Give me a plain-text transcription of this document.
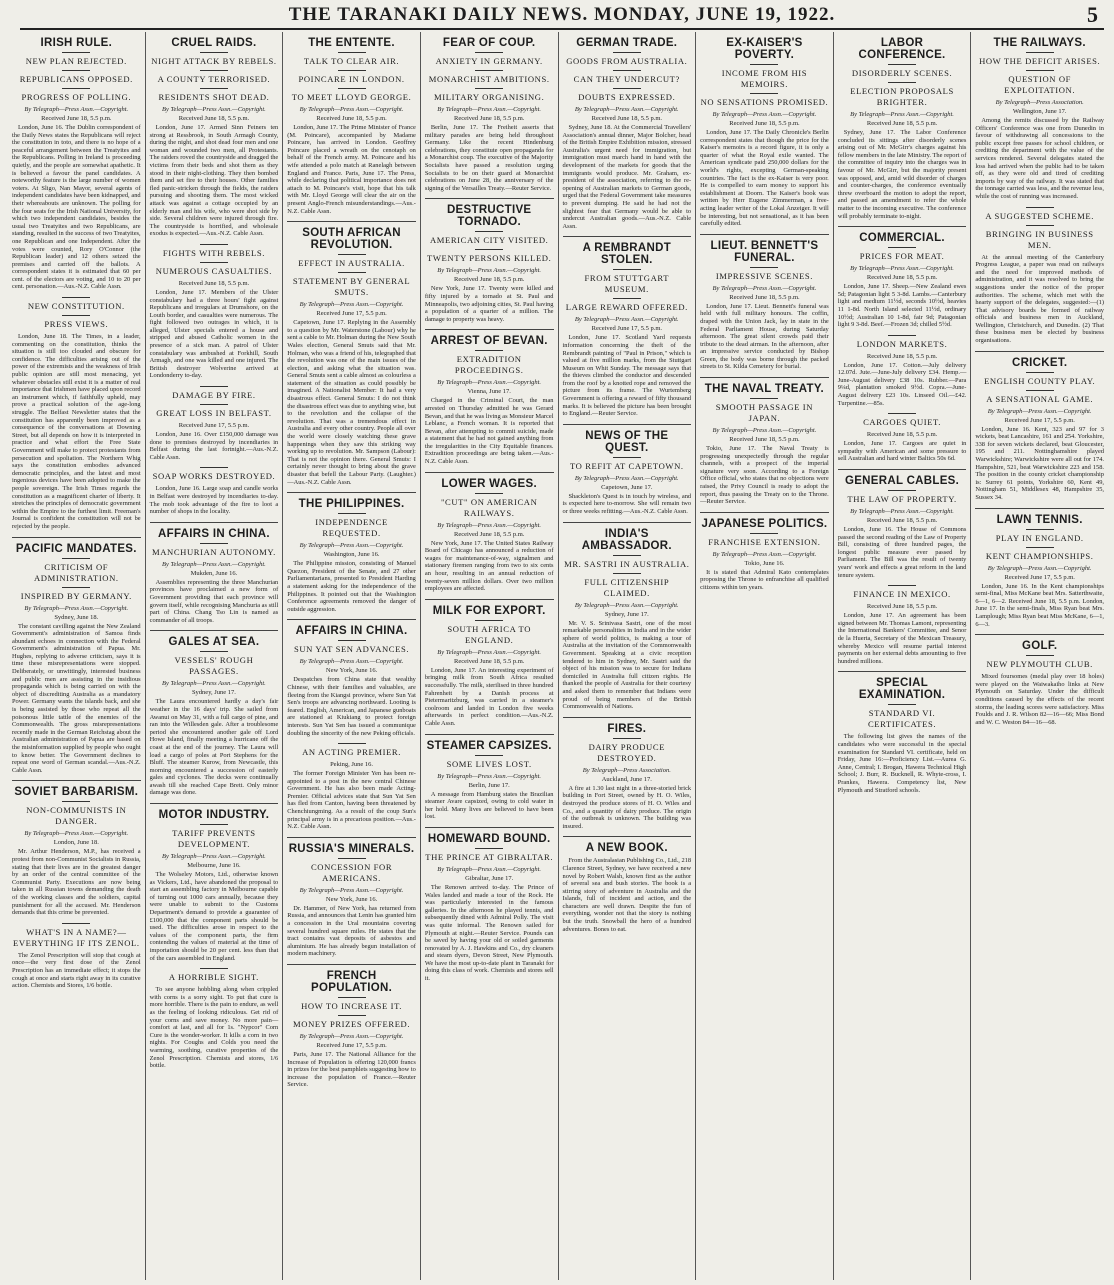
THE TARANAKI DAILY NEWS. MONDAY, JUNE 19, 1922.	5
IRISH RULE.
NEW PLAN REJECTED.
REPUBLICANS OPPOSED.
PROGRESS OF POLLING.
By Telegraph—Press Assn.—Copyright.
Received June 18, 5.5 p.m.

London, June 16. The Dublin correspondent of the Daily News states the Republicans will reject the constitution in toto, and there is no hope of a peaceful arrangement between the Treatyites and the Republicans. Polling in Ireland is proceeding quietly, and the people are somewhat apathetic. It is believed a favour the panel candidates. A noteworthy feature is the large number of women voters. At Sligo, Nan Mayor, several agents of independent candidates have been kidnapped, and their whereabouts are unknown. The polling for the four seats for the Irish National University, for which two independent candidates, besides the usual two Treatyites and two Republicans, are standing, resulted in the success of two Treatyites, one Republican and one Independent. After the votes were counted, Rory O'Connor (the Republican leader) and 12 others seized the premises and carried off the ballots. A correspondent states it is estimated that 60 per cent. of the electors are voting, and 10 to 20 per cent. personation.—Aus.-N.Z. Cable Assn.

NEW CONSTITUTION.
PRESS VIEWS.

London, June 18. The Times, in a leader, commenting on the constitution, thinks the situation is still too clouded and obscure for confidence. The difficulties arising out of the power of the extremists and the weakness of Irish public opinion are still most menacing, yet whatever obstacles still exist it is a matter of real importance that Irishmen have placed upon record an instrument which, if faithfully upheld, may prove a practical solution of the age-long struggle. The Belfast Newsletter states that the constitution has apparently been improved as a consequence of the conversations at Downing Street, but all depends on how it is interpreted in practice and what effort the Free State Government will make to protect protestants from persecution and spoliation. The Northern Whig says the constitution embodies advanced democratic principles, and the latest and most ingenious devices have been adopted to make the people sovereign. The Irish Times regards the constitution as a magnificent charter of liberty. It stretches the principles of democratic government within the Empire to the furthest limit. Freeman's Journal is confident the constitution will not be rejected by the people.

PACIFIC MANDATES.
CRITICISM OF ADMINISTRATION.
INSPIRED BY GERMANY.
By Telegraph—Press Assn.—Copyright.
Sydney, June 18.

The constant cavilling against the New Zealand Government's administration of Samoa finds abundant echoes in connection with the Federal Government's administration of Papua. Mr. Hughes, replying to adverse criticism, says it is time these misrepresentations were stopped. Deliberately, or unwittingly, interested business and public men are assisting in the insidious propaganda which is being carried on with the object of discrediting Australia as a mandatory Power. Germany wants the islands back, and she is being assisted by those who repeat all the poisonous little tattle of the enemies of the Commonwealth. The gross misrepresentations recently made in the German Reichstag about the Australian administration of Papua are based on the misinformation supplied by people who ought to know better. The Government declines to repeat one word of German scandal.—Aus.-N.Z. Cable Assn.

SOVIET BARBARISM.
NON-COMMUNISTS IN DANGER.
By Telegraph—Press Assn.—Copyright.
London, June 18.

Mr. Arthur Henderson, M.P., has received a protest from non-Communist Socialists in Russia, stating that their lives are in the greatest danger by an order of the central committee of the Communist Party. Executions are now being taken in all Russian towns demanding the death of the working classes and the soldiers, capital punishment for all the accused. Mr. Henderson demands that this crime be prevented.

WHAT'S IN A NAME?—EVERYTHING IF ITS ZENOL.

The Zenol Prescription will stop that cough at once—the very first dose of the Zenol Prescription has an immediate effect; it stops the cough at once and starts right away in its curative action. Chemists and Stores, 1/6 bottle.

CRUEL RAIDS.
NIGHT ATTACK BY REBELS.
A COUNTY TERRORISED.
RESIDENTS SHOT DEAD.
By Telegraph—Press Assn.—Copyright.
Received June 18, 5.5 p.m.

London, June 17. Armed Sinn Feiners ten strong at Ressbrook, in South Armagh County, during the night, and shot dead four men and one woman and wounded two men, all Protestants. The raiders roved the countryside and dragged the victims from their beds and shot them as they stood in their night-clothing. They then bombed them and set fire to their houses. Other families fled panic-stricken through the fields, the raiders pursuing and shooting them. The most wicked attack was against a cottage occupied by an elderly man and his wife, who were shot side by side. Several children were injured through fire. The countryside is horrified, and wholesale exodus is expected.—Aus.-N.Z. Cable Assn.

FIGHTS WITH REBELS.
NUMEROUS CASUALTIES.
Received June 18, 5.5 p.m.

London, June 17. Members of the Ulster constabulary had a three hours' fight against Republicans and irregulars at Drumshore, on the Louth border, and casualties were numerous. The fight followed two outrages in which, it is alleged, Ulster specials entered a house and stripped and abused Catholic women in the presence of a sick man. A patrol of Ulster constabulary was ambushed at Forkhill, South Armagh, and one was killed and one injured. The British destroyer Wolverine arrived at Londonderry to-day.

DAMAGE BY FIRE.
GREAT LOSS IN BELFAST.
Received June 17, 5.5 p.m.

London, June 16. Over £150,000 damage was done to premises destroyed by incendiaries in Belfast during the last fortnight.—Aus.-N.Z. Cable Assn.

SOAP WORKS DESTROYED.

London, June 16. Large soap and candle works in Belfast were destroyed by incendiaries to-day. The mob took advantage of the fire to loot a number of shops in the locality.

AFFAIRS IN CHINA.
MANCHURIAN AUTONOMY.
By Telegraph—Press Assn.—Copyright.
Mukden, June 16.

Assemblies representing the three Manchurian provinces have proclaimed a new form of Government providing that each province will govern itself, while recognising Manchuria as still part of China. Chang Tso Lin is named as commander of all troops.

GALES AT SEA.
VESSELS' ROUGH PASSAGES.
By Telegraph—Press Assn.—Copyright.
Sydney, June 17.

The Laura encountered hardly a day's fair weather in the 16 days' trip. She sailed from Awanui on May 31, with a full cargo of pine, and ran into the Willesden gale. After a troublesome period she encountered another gale off Lord Howe Island, finally meeting a hurricane off the coast at the end of the journey. The Laura will load a cargo of poles at Port Stephens for the Bluff. The steamer Kurow, from Newcastle, this morning encountered a succession of easterly gales and cyclones. The decks were continually awash till she reached Cape Brett. Only minor damage was done.

MOTOR INDUSTRY.
TARIFF PREVENTS DEVELOPMENT.
By Telegraph—Press Assn.—Copyright.
Melbourne, June 16.

The Wolseley Motors, Ltd., otherwise known as Vickers, Ltd., have abandoned the proposal to start an assembling factory in Melbourne capable of turning out 1000 cars annually, because they were unable to submit to the Customs Department's demand to provide a guarantee of £100,000 that the component parts should be used. The difficulties arose in respect to the values of the component parts, the firm contending the values of material at the time of importation should be 20 per cent. less than that of the cars assembled in England.

A HORRIBLE SIGHT.

To see anyone hobbling along when crippled with corns is a sorry sight. To put that cure is more horrible. There is the pain to endure, as well as the feeling of looking ridiculous. Get rid of your corns and save money. No more pain—comfort at last, and all for 1s. "Nypcor" Corn Cure is the wonder-worker. It kills a corn in two nights. For Coughs and Colds you need the warming, soothing, curative properties of the Zenol Prescription. Chemists and stores, 1/6 bottle.

THE ENTENTE.
TALK TO CLEAR AIR.
POINCARE IN LONDON.
TO MEET LLOYD GEORGE.
By Telegraph—Press Assn.—Copyright.
Received June 18, 5.5 p.m.

London, June 17. The Prime Minister of France (M. Poincare), accompanied by Madame Poincare, has arrived in London. Geoffrey Poincare placed a wreath on the cenotaph on behalf of the French army. M. Poincare and his wife attended a polo match at Ranelagh between England and France. Paris, June 17. The Press, while declaring that political importance does not attach to M. Poincare's visit, hope that his talk with Mr. Lloyd George will clear the air on the present Anglo-French misunderstandings.—Aus.-N.Z. Cable Assn.

SOUTH AFRICAN REVOLUTION.
EFFECT IN AUSTRALIA.
STATEMENT BY GENERAL SMUTS.
By Telegraph—Press Assn.—Copyright.
Received June 17, 5.5 p.m.

Capetown, June 17. Replying in the Assembly to a question by Mr. Waterstone (Labour) why he sent a cable to Mr. Holman during the New South Wales election, General Smuts said that Mr. Holman, who was a friend of his, telegraphed that the revolution was one of the main issues of the election, and asking what the situation was. General Smuts sent a cable almost as colourless a statement of the situation as could possibly be imagined. A Nationalist Member: It had a very disastrous effect. General Smuts: I do not think the disastrous effect was due to anything wise, but to the revolution and the collapse of the revolution. That was a tremendous effect in Australia and every other country. People all over the world were closely watching these grave happenings when they saw this striking way working up to revolution. Mr. Sampson (Labour): That is not the opinion there. General Smuts: I certainly never thought to bring about the grave disaster that befell the Labour Party. (Laughter.)—Aus.-N.Z. Cable Assn.

THE PHILIPPINES.
INDEPENDENCE REQUESTED.
By Telegraph—Press Assn.—Copyright.
Washington, June 16.

The Philippine mission, consisting of Manuel Quezon, President of the Senate, and 27 other Parliamentarians, presented to President Harding a statement asking for the independence of the Philippines. It pointed out that the Washington Conference agreements removed the danger of outside aggression.

AFFAIRS IN CHINA.
SUN YAT SEN ADVANCES.
By Telegraph—Press Assn.—Copyright.
New York, June 16.

Despatches from China state that wealthy Chinese, with their families and valuables, are fleeing from the Kiangsi province, where Sun Yat Sen's troops are advancing northward. Looting is feared. English, American, and Japanese gunboats are stationed at Kiukiang to protect foreign interests. Sun Yat Sen has issued a communique doubling the sincerity of the new Peking officials.

AN ACTING PREMIER.
Peking, June 16.

The former Foreign Minister Yen has been re-appointed to a post in the new central Chinese Government. He has also been made Acting-Premier. Official advices state that Sun Yat Sen has fled from Canton, having been threatened by Chenchiungming. As a result of the coup Sun's principal army is in a precarious position.—Aus.-N.Z. Cable Assn.

RUSSIA'S MINERALS.
CONCESSION FOR AMERICANS.
By Telegraph—Press Assn.—Copyright.
New York, June 16.

Dr. Hammer, of New York, has returned from Russia, and announces that Lenin has granted him a concession in the Ural mountains covering several hundred square miles. He states that the tract contains vast deposits of asbestos and aluminium. He has already begun installation of modern machinery.

FRENCH POPULATION.
HOW TO INCREASE IT.
MONEY PRIZES OFFERED.
By Telegraph—Press Assn.—Copyright.
Received June 17, 5.5 p.m.

Paris, June 17. The National Alliance for the Increase of Population is offering 120,000 francs in prizes for the best pamphlets suggesting how to increase the population of France.—Reuter Service.

FEAR OF COUP.
ANXIETY IN GERMANY.
MONARCHIST AMBITIONS.
MILITARY ORGANISING.
By Telegraph—Press Assn.—Copyright.
Received June 18, 5.5 p.m.

Berlin, June 17. The Freiheit asserts that military parades are being held throughout Germany. Like the recent Hindenburg celebrations, they constitute open propaganda for a Monarchist coup. The executive of the Majority Socialists have passed a resolution urging Socialists to be on their guard at Monarchist celebrations on June 28, the anniversary of the signing of the Versailles Treaty.—Reuter Service.

DESTRUCTIVE TORNADO.
AMERICAN CITY VISITED.
TWENTY PERSONS KILLED.
By Telegraph—Press Assn.—Copyright.
Received June 18, 5.5 p.m.

New York, June 17. Twenty were killed and fifty injured by a tornado at St. Paul and Minneapolis, two adjoining cities, St. Paul having a population of a quarter of a million. The damage to property was heavy.

ARREST OF BEVAN.
EXTRADITION PROCEEDINGS.
By Telegraph—Press Assn.—Copyright.
Vienna, June 17.

Charged in the Criminal Court, the man arrested on Thursday admitted he was Gerard Bevan, and that he was living as Monsieur Marcel Leblanc, a French woman. It is reported that Bevan, after attempting to commit suicide, made a statement that he had not gained anything from the irregularities in the City Equitable finances. Extradition proceedings are being taken.—Aus.-N.Z. Cable Assn.

LOWER WAGES.
"CUT" ON AMERICAN RAILWAYS.
By Telegraph—Press Assn.—Copyright.
Received June 18, 5.5 p.m.

New York, June 17. The United States Railway Board of Chicago has announced a reduction of wages for maintenance-of-way, signalmen and stationary firemen ranging from two to six cents an hour, resulting in an annual reduction of twenty-seven million dollars. Over two million employees are affected.

MILK FOR EXPORT.
SOUTH AFRICA TO ENGLAND.
By Telegraph—Press Assn.—Copyright.
Received June 18, 5.5 p.m.

London, June 17. An interesting experiment of bringing milk from South Africa resulted successfully. The milk, sterilised in three hundred Fahrenheit by a Danish process at Pietermaritzburg, was carried in a steamer's coolroom and landed in London five weeks afterwards in perfect condition.—Aus.-N.Z. Cable Assn.

STEAMER CAPSIZES.
SOME LIVES LOST.
By Telegraph—Press Assn.—Copyright.
Berlin, June 17.

A message from Hamburg states the Brazilian steamer Avare capsized, owing to cold water in her hold. Many lives are believed to have been lost.

HOMEWARD BOUND.
THE PRINCE AT GIBRALTAR.
By Telegraph—Press Assn.—Copyright.
Gibraltar, June 17.

The Renown arrived to-day. The Prince of Wales landed and made a tour of the Rock. He was particularly interested in the famous galleries. In the afternoon he played tennis, and subsequently dined with Admiral Polly. The visit was quite informal. The Renown sailed for Plymouth at night.—Reuter Service. Pounds can be saved by having your old or soiled garments renovated by A. J. Hawkins and Co., dry cleaners and steam dyers, Devon Street, New Plymouth. We have the most up-to-date plant in Taranaki for doing this class of work. Chemists and stores sell it.

GERMAN TRADE.
GOODS FROM AUSTRALIA.
CAN THEY UNDERCUT?
DOUBTS EXPRESSED.
By Telegraph—Press Assn.—Copyright.
Received June 18, 5.5 p.m.

Sydney, June 18. At the Commercial Travellers' Association's annual dinner, Major Bolcher, head of the British Empire Exhibition mission, stressed Australia's urgent need for immigration, but immigration must march hand in hand with the development of the markets for goods that the immigrants would produce. Mr. Graham, ex-president of the association, referring to the re-opening of Australian markets to German goods, urged that the Federal Government take measures to prevent dumping. He said he had not the slightest fear that Germany would be able to undercut Australian goods.—Aus.-N.Z. Cable Assn.

A REMBRANDT STOLEN.
FROM STUTTGART MUSEUM.
LARGE REWARD OFFERED.
By Telegraph—Press Assn.—Copyright.
Received June 17, 5.5 p.m.

London, June 17. Scotland Yard requests information concerning the theft of the Rembrandt painting of "Paul in Prison," which is valued at five million marks, from the Stuttgart Museum on Whit Sunday. The message says that the thieves climbed the conductor and descended from the roof by a knotted rope and removed the picture from its frame. The Wurtemberg Government is offering a reward of fifty thousand marks. It is believed the picture has been brought to England.—Reuter Service.

NEWS OF THE QUEST.
TO REFIT AT CAPETOWN.
By Telegraph—Press Assn.—Copyright.
Capetown, June 17.

Shackleton's Quest is in touch by wireless, and is expected here to-morrow. She will remain two or three weeks refitting.—Aus.-N.Z. Cable Assn.

INDIA'S AMBASSADOR.
MR. SASTRI IN AUSTRALIA.
FULL CITIZENSHIP CLAIMED.
By Telegraph—Press Assn.—Copyright.
Sydney, June 17.

Mr. V. S. Srinivasa Sastri, one of the most remarkable personalities in India and in the wider sphere of world politics, is making a tour of Australia at the invitation of the Commonwealth Government. Speaking at a civic reception tendered to him in Sydney, Mr. Sastri said the object of his mission was to secure for Indians domiciled in Australia full citizen rights. He thanked the people of Australia for their courtesy and asked them to remember that Indians were proud of being members of the British Commonwealth of Nations.

FIRES.
DAIRY PRODUCE DESTROYED.
By Telegraph—Press Association.
Auckland, June 17.

A fire at 1.30 last night in a three-storied brick building in Fort Street, owned by H. O. Wiles, destroyed the produce stores of H. O. Wiles and Co., and a quantity of dairy produce. The origin of the outbreak is unknown. The building was insured.

A NEW BOOK.

From the Australasian Publishing Co., Ltd., 218 Clarence Street, Sydney, we have received a new novel by Robert Walsh, known first as the author of several sea and bush stories. The book is a stirring story of adventure in Australia and the Islands, full of incident and action, and the characters are well drawn. Despite the fun of everything, wonder not that the story is nothing but the truth. Snowball the hero of a hundred adventures. Bones to eat.

EX-KAISER'S POVERTY.
INCOME FROM HIS MEMOIRS.
NO SENSATIONS PROMISED.
By Telegraph—Press Assn.—Copyright.
Received June 18, 5.5 p.m.

London, June 17. The Daily Chronicle's Berlin correspondent states that though the price for the Kaiser's memoirs is a record figure, it is only a quarter of what the Royal exile wanted. The American syndicate paid 250,000 dollars for the world's rights, excepting German-speaking countries. The fact is the ex-Kaiser is very poor. He is compelled to earn money to support his establishment at Doorn. The Kaiser's book was written by Herr Eugene Zimmerman, a free-acting leader writer of the Lokal Anzeiger. It will be interesting, but not sensational, as it has been carefully edited.

LIEUT. BENNETT'S FUNERAL.
IMPRESSIVE SCENES.
By Telegraph—Press Assn.—Copyright.
Received June 18, 5.5 p.m.

London, June 17. Lieut. Bennett's funeral was held with full military honours. The coffin, draped with the Union Jack, lay in state in the Federal Parliament House, during Saturday afternoon. The great silent crowds paid their tribute to the dead airman. In the afternoon, after an impressive service conducted by Bishop Green, the body was borne through the packed streets to St. Kilda Cemetery for burial.

THE NAVAL TREATY.
SMOOTH PASSAGE IN JAPAN.
By Telegraph—Press Assn.—Copyright.
Received June 18, 5.5 p.m.

Tokio, June 17. The Naval Treaty is progressing unexpectedly through the regular channels, with a prospect of the imperial signature very soon. According to a Foreign Office official, who states that no objections were raised, the Privy Council is ready to adopt the report, thus passing the Treaty on to the Throne.—Reuter Service.

JAPANESE POLITICS.
FRANCHISE EXTENSION.
By Telegraph—Press Assn.—Copyright.
Tokio, June 16.

It is stated that Admiral Kato contemplates proposing the Throne to enfranchise all qualified citizens within ten years.

LABOR CONFERENCE.
DISORDERLY SCENES.
ELECTION PROPOSALS BRIGHTER.
By Telegraph—Press Assn.—Copyright.
Received June 18, 5.5 p.m.

Sydney, June 17. The Labor Conference concluded its sittings after disorderly scenes arising out of Mr. McGirr's charges against his fellow members in the late Ministry. The report of the committee of inquiry into the charges was in favour of Mr. McGirr, but the majority present was opposed, and, amid wild disorder of charges and counter-charges, the conference eventually threw overboard the motion to adopt the report, and passed an amendment to refer the whole matter to the incoming executive. The conference will probably terminate to-night.

COMMERCIAL.
PRICES FOR MEAT.
By Telegraph—Press Assn.—Copyright.
Received June 18, 5.5 p.m.

London, June 17. Sheep.—New Zealand ewes 5d; Patagonian light 5 3-8d. Lambs.—Canterbury light and medium 11½d, seconds 10½d, heavies 11 1-8d. North Island selected 11½d, ordinary 10½d; Australian 10 1-8d, fair 9d; Patagonian light 9 3-8d. Beef.—Frozen 3d; chilled 5½d.

LONDON MARKETS.
Received June 18, 5.5 p.m.

London, June 17. Cotton.—July delivery 12.07d. Jute.—June-July delivery £34. Hemp.—June-August delivery £38 10s. Rubber.—Para 9¼d, plantation smoked 9½d. Copra.—June-August delivery £23 10s. Linseed Oil.—£42. Turpentine.—85s.

CARGOES QUIET.
Received June 18, 5.5 p.m.

London, June 17. Cargoes are quiet in sympathy with American and some pressure to sell Australian and hard winter Baltics 50s 6d.

GENERAL CABLES.
THE LAW OF PROPERTY.
By Telegraph—Press Assn.—Copyright.
Received June 18, 5.5 p.m.

London, June 16. The House of Commons passed the second reading of the Law of Property Bill, consisting of three hundred pages, the longest public measure ever passed by Parliament. The Bill was the result of twenty years' work and effects a great reform in the land tenure system.

FINANCE IN MEXICO.
Received June 18, 5.5 p.m.

London, June 17. An agreement has been signed between Mr. Thomas Lamont, representing the International Bankers' Committee, and Senor de la Huerta, Secretary of the Mexican Treasury, whereby Mexico will resume partial interest payments on her external debts amounting to five hundred millions.

SPECIAL EXAMINATION.
STANDARD VI. CERTIFICATES.

The following list gives the names of the candidates who were successful in the special examination for Standard VI. certificate, held on Friday, June 16:—Proficiency List.—Aurea G. Anne, Central; I. Brogan, Hawera Technical High School; J. Burr, R. Bucknell, R. Whyte-cross, I. Prankes, Hawera. Competency list, New Plymouth and Stratford schools.

THE RAILWAYS.
HOW THE DEFICIT ARISES.
QUESTION OF EXPLOITATION.
By Telegraph—Press Association.
Wellington, June 17.

Among the remits discussed by the Railway Officers' Conference was one from Dunedin in favour of withdrawing all concessions to the public except free passes for school children, or crediting the department with the value of the services rendered. Several delegates stated the loss had arrived when the public had to be taken off, as they were old and tired of crediting imports by way of the railway. It was stated that the tonnage carried was less, and the revenue less, while the cost of running was increased.

A SUGGESTED SCHEME.
BRINGING IN BUSINESS MEN.

At the annual meeting of the Canterbury Progress League, a paper was read on railways and the need for improved methods of administration, and it was resolved to bring the suggestions under the notice of the proper authorities. The scheme, which met with the hearty support of the delegates, suggested:—(1) That advisory boards be formed of railway officials and business men in Auckland, Wellington, Christchurch, and Dunedin. (2) That these business men be elected by business organisations.

CRICKET.
ENGLISH COUNTY PLAY.
A SENSATIONAL GAME.
By Telegraph—Press Assn.—Copyright.
Received June 17, 5.5 p.m.

London, June 16. Kent, 323 and 97 for 3 wickets, beat Lancashire, 161 and 254. Yorkshire, 338 for seven wickets declared, beat Gloucester, 195 and 211. Nottinghamshire played Warwickshire; Warwickshire were all out for 174. Hampshire, 521, beat Warwickshire 223 and 158. The position in the county cricket championship is: Surrey 61 points, Yorkshire 60, Kent 49, Nottingham 51, Middlesex 48, Hampshire 35, Sussex 34.

LAWN TENNIS.
PLAY IN ENGLAND.
KENT CHAMPIONSHIPS.
By Telegraph—Press Assn.—Copyright.
Received June 17, 5.5 p.m.

London, June 16. In the Kent championships semi-final, Miss McKane beat Mrs. Satterthwaite, 6—1, 6—2. Received June 18, 5.5 p.m. London, June 17. In the semi-finals, Miss Ryan beat Mrs. Lamplough; Miss Ryan beat Miss McKane, 6—1, 6—3.

GOLF.
NEW PLYMOUTH CLUB.

Mixed foursomes (medal play over 18 holes) were played on the Waiwakaiho links at New Plymouth on Saturday. Under the difficult conditions caused by the effects of the recent storms, the leading scores were satisfactory. Miss Foulds and J. R. Wilson 82—16—66; Miss Bond and W. C. Weston 84—16—68.
